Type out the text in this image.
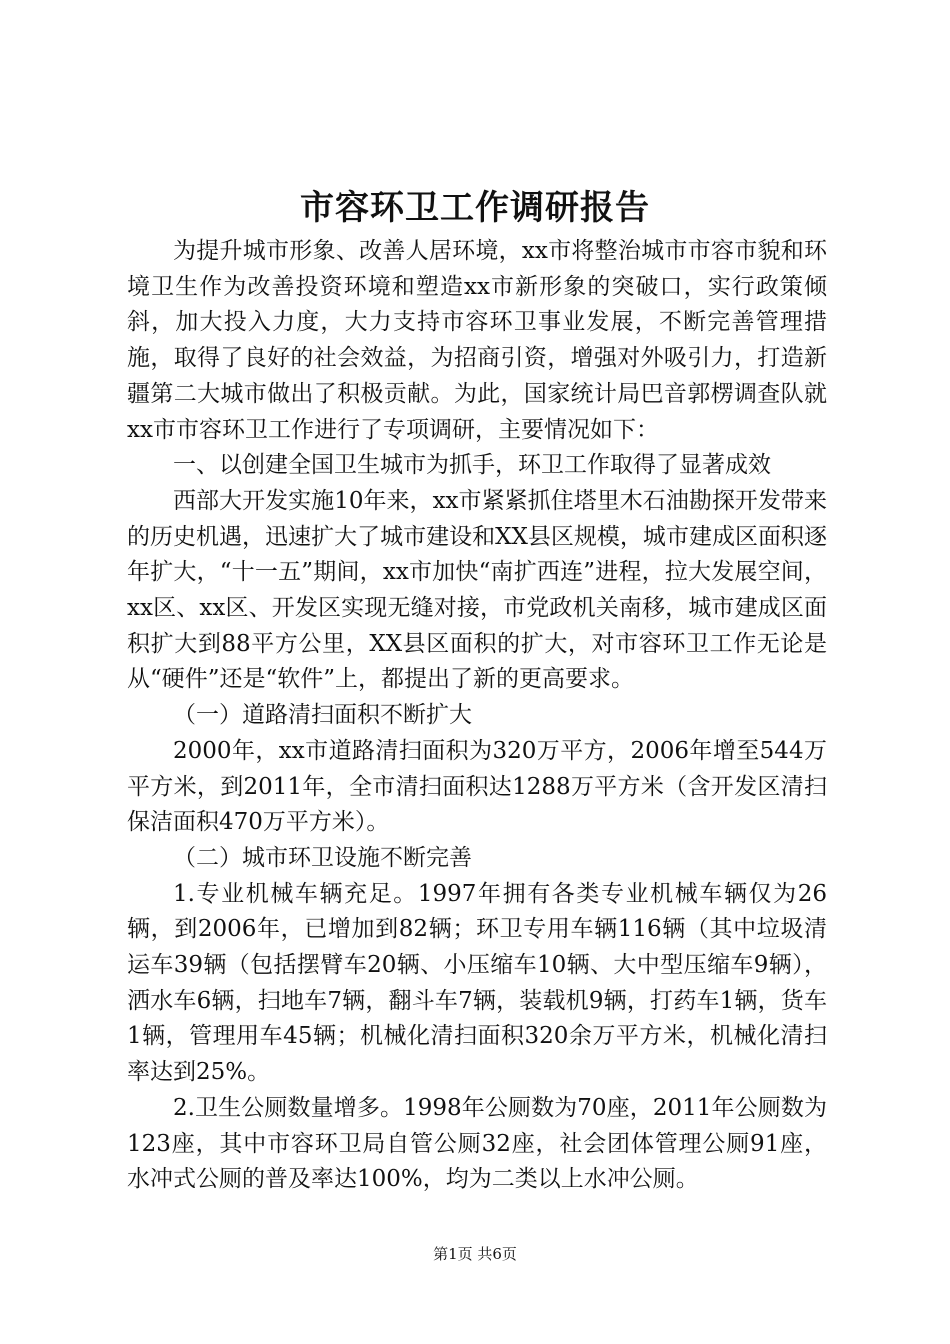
市容环卫工作调研报告

为提升城市形象、改善人居环境，xx市将整治城市市容市貌和环境卫生作为改善投资环境和塑造xx市新形象的突破口，实行政策倾斜，加大投入力度，大力支持市容环卫事业发展，不断完善管理措施，取得了良好的社会效益，为招商引资，增强对外吸引力，打造新疆第二大城市做出了积极贡献。为此，国家统计局巴音郭楞调查队就xx市市容环卫工作进行了专项调研，主要情况如下：

一、以创建全国卫生城市为抓手，环卫工作取得了显著成效

西部大开发实施10年来，xx市紧紧抓住塔里木石油勘探开发带来的历史机遇，迅速扩大了城市建设和XX县区规模，城市建成区面积逐年扩大，“十一五”期间，xx市加快“南扩西连”进程，拉大发展空间，xx区、xx区、开发区实现无缝对接，市党政机关南移，城市建成区面积扩大到88平方公里，XX县区面积的扩大，对市容环卫工作无论是从“硬件”还是“软件”上，都提出了新的更高要求。

（一）道路清扫面积不断扩大

2000年，xx市道路清扫面积为320万平方，2006年增至544万平方米，到2011年，全市清扫面积达1288万平方米（含开发区清扫保洁面积470万平方米）。

（二）城市环卫设施不断完善

1.专业机械车辆充足。1997年拥有各类专业机械车辆仅为26辆，到2006年，已增加到82辆；环卫专用车辆116辆（其中垃圾清运车39辆（包括摆臂车20辆、小压缩车10辆、大中型压缩车9辆），洒水车6辆，扫地车7辆，翻斗车7辆，装载机9辆，打药车1辆，货车1辆，管理用车45辆；机械化清扫面积320余万平方米，机械化清扫率达到25%。

2.卫生公厕数量增多。1998年公厕数为70座，2011年公厕数为123座，其中市容环卫局自管公厕32座，社会团体管理公厕91座，水冲式公厕的普及率达100%，均为二类以上水冲公厕。

第1页 共6页
